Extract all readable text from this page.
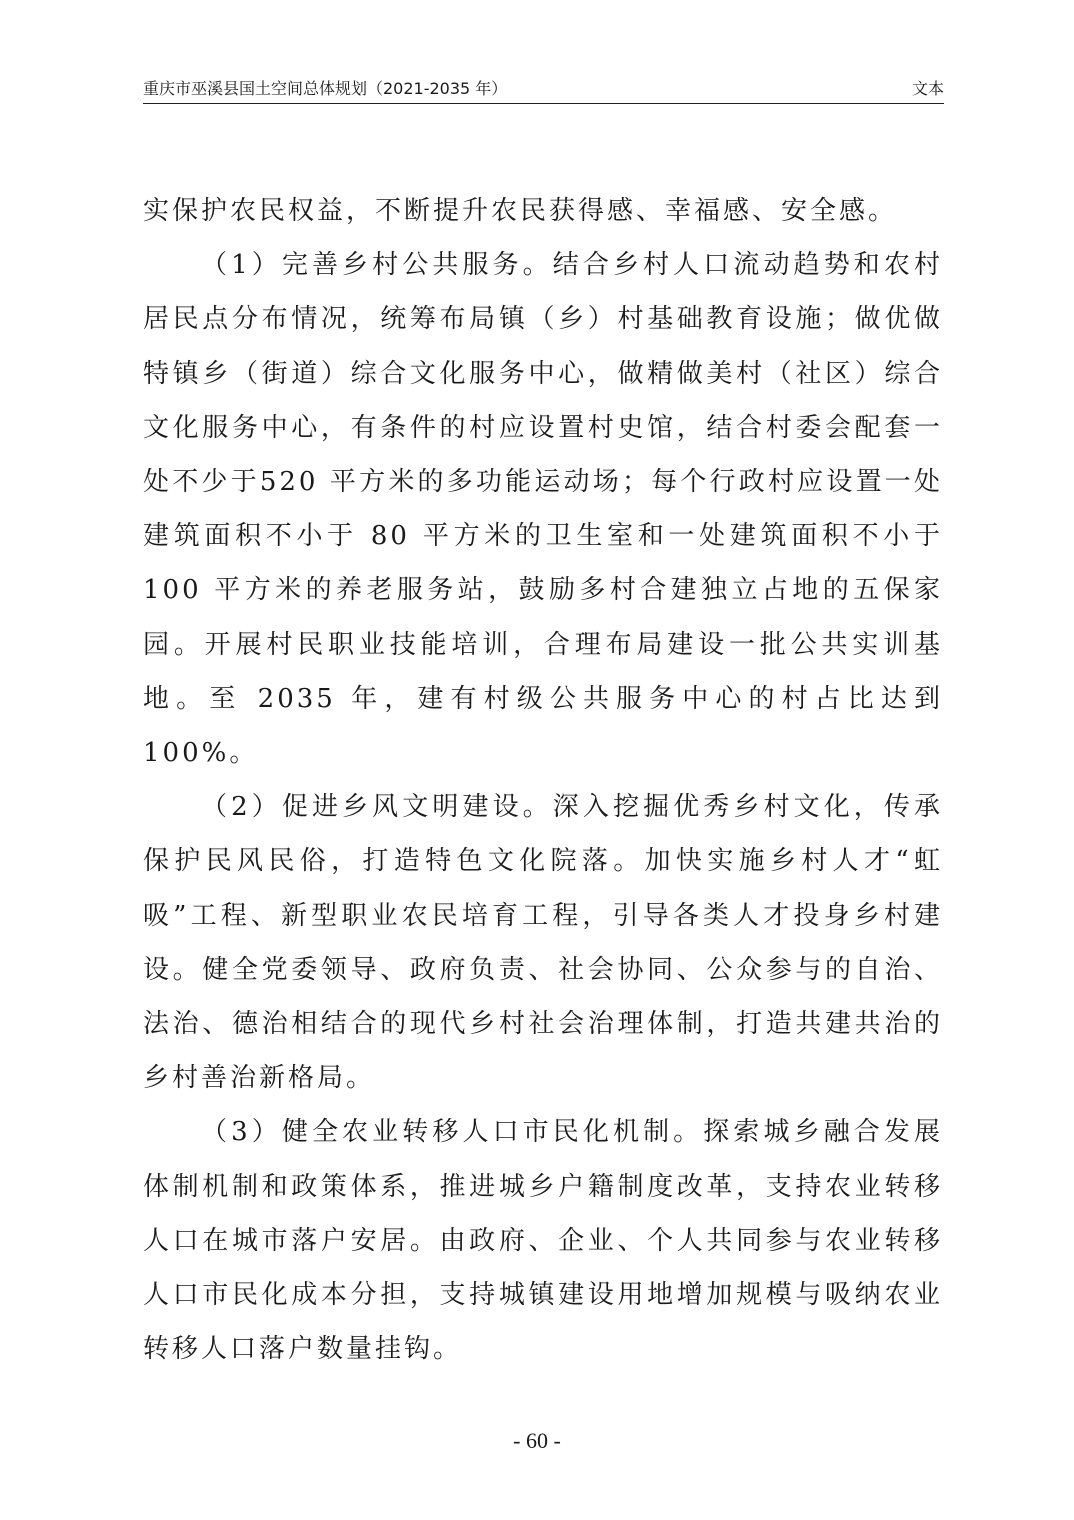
重庆市巫溪县国土空间总体规划（2021-2035 年）	文本

实保护农民权益，不断提升农民获得感、幸福感、安全感。

（1）完善乡村公共服务。结合乡村人口流动趋势和农村居民点分布情况，统筹布局镇（乡）村基础教育设施；做优做特镇乡（街道）综合文化服务中心，做精做美村（社区）综合文化服务中心，有条件的村应设置村史馆，结合村委会配套一处不少于520 平方米的多功能运动场；每个行政村应设置一处建筑面积不小于 80 平方米的卫生室和一处建筑面积不小于 100 平方米的养老服务站，鼓励多村合建独立占地的五保家园。开展村民职业技能培训，合理布局建设一批公共实训基地。至 2035 年，建有村级公共服务中心的村占比达到 100%。

（2）促进乡风文明建设。深入挖掘优秀乡村文化，传承保护民风民俗，打造特色文化院落。加快实施乡村人才“虹吸”工程、新型职业农民培育工程，引导各类人才投身乡村建设。健全党委领导、政府负责、社会协同、公众参与的自治、法治、德治相结合的现代乡村社会治理体制，打造共建共治的乡村善治新格局。

（3）健全农业转移人口市民化机制。探索城乡融合发展体制机制和政策体系，推进城乡户籍制度改革，支持农业转移人口在城市落户安居。由政府、企业、个人共同参与农业转移人口市民化成本分担，支持城镇建设用地增加规模与吸纳农业转移人口落户数量挂钩。

- 60 -
